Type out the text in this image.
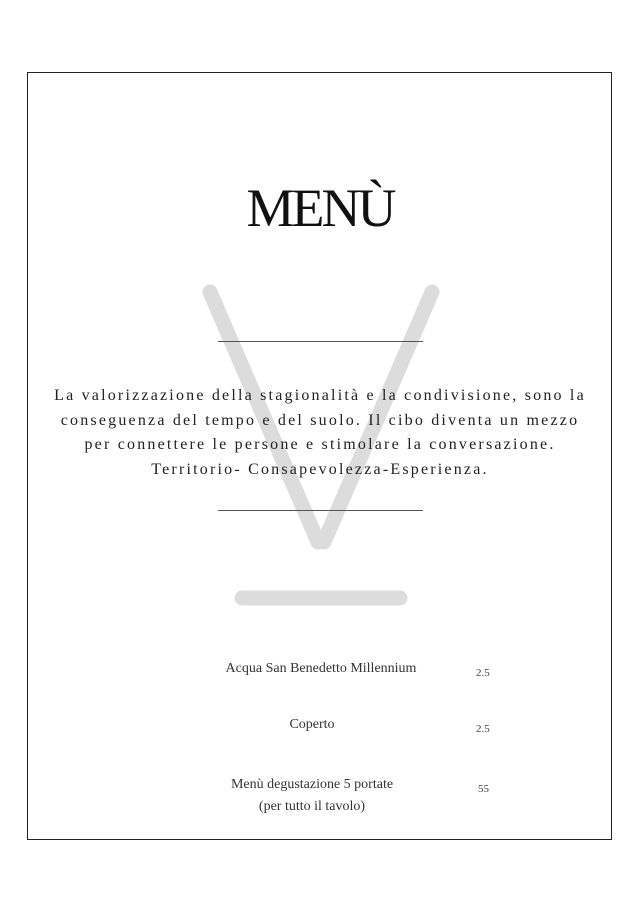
MENÙ
La valorizzazione della stagionalità e la condivisione, sono la
conseguenza del tempo e del suolo. Il cibo diventa un mezzo
per connettere le persone e stimolare la conversazione.
Territorio- Consapevolezza-Esperienza.
Acqua San Benedetto Millennium	2.5
Coperto	2.5
Menù degustazione 5 portate
(per tutto il tavolo)
55
